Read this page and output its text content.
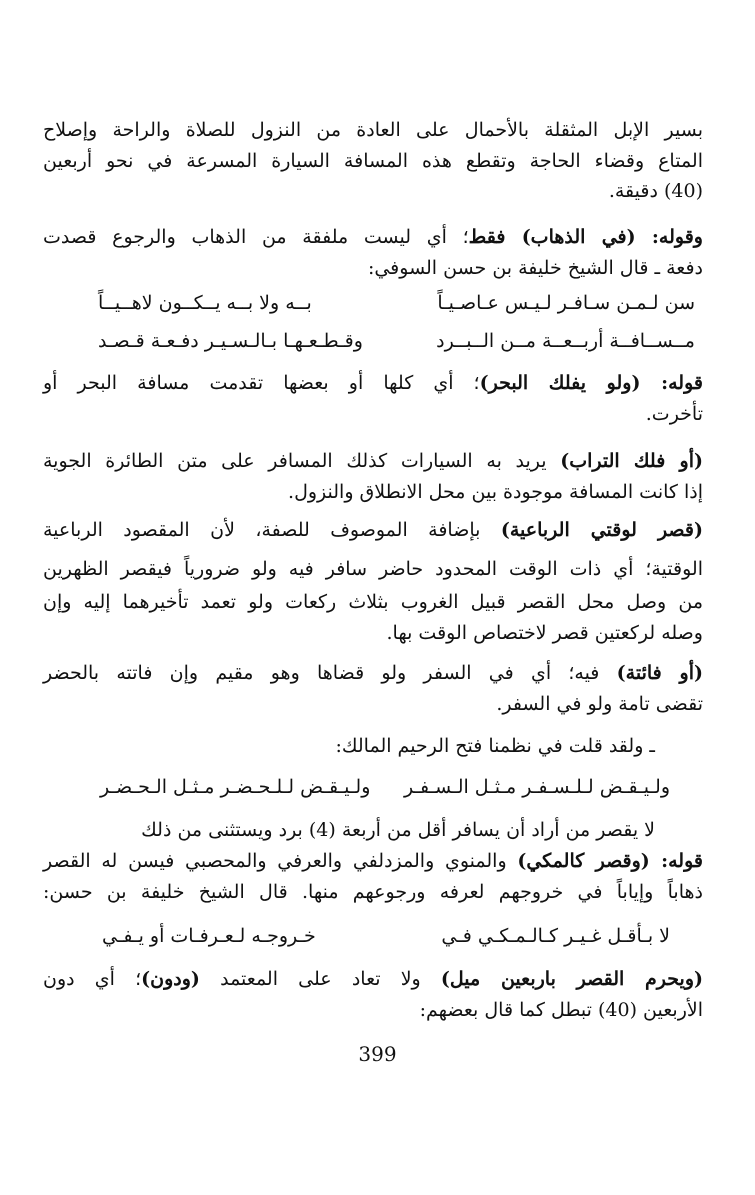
بسير الإبل المثقلة بالأحمال على العادة من النزول للصلاة والراحة وإصلاح
المتاع وقضاء الحاجة وتقطع هذه المسافة السيارة المسرعة في نحو أربعين
(40) دقيقة.
وقوله: (في الذهاب) فقط؛ أي ليست ملفقة من الذهاب والرجوع قصدت
دفعة ـ قال الشيخ خليفة بن حسن السوفي:
سن لـمـن سـافـر لـيـس عـاصـيـاً
بــه ولا بــه يــكــون لاهــيــاً
مــســافــة أربــعــة مــن الــبــرد
وقـطـعـهـا بـالـسـيـر دفـعـة قـصـد
قوله: (ولو يفلك البحر)؛ أي كلها أو بعضها تقدمت مسافة البحر أو
تأخرت.
(أو فلك التراب) يريد به السيارات كذلك المسافر على متن الطائرة الجوية
إذا كانت المسافة موجودة بين محل الانطلاق والنزول.
(قصر لوقتي الرباعية) بإضافة الموصوف للصفة، لأن المقصود الرباعية
الوقتية؛ أي ذات الوقت المحدود حاضر سافر فيه ولو ضرورياً فيقصر الظهرين
من وصل محل القصر قبيل الغروب بثلاث ركعات ولو تعمد تأخيرهما إليه وإن
وصله لركعتين قصر لاختصاص الوقت بها.
(أو فائتة) فيه؛ أي في السفر ولو قضاها وهو مقيم وإن فاتته بالحضر
تقضى تامة ولو في السفر.
ـ ولقد قلت في نظمنا فتح الرحيم المالك:
ولـيـقـض لـلـسـفـر مـثـل الـسـفـر
ولـيـقـض لـلـحـضـر مـثـل الـحـضـر
لا يقصر من أراد أن يسافر أقل من أربعة (4) برد ويستثنى من ذلك
قوله: (وقصر كالمكي) والمنوي والمزدلفي والعرفي والمحصبي فيسن له القصر
ذهاباً وإياباً في خروجهم لعرفه ورجوعهم منها. قال الشيخ خليفة بن حسن:
لا بـأقـل غـيـر كـالـمـكـي فـي
خـروجـه لـعـرفـات أو يـفـي
(ويحرم القصر باربعين ميل) ولا تعاد على المعتمد (ودون)؛ أي دون
الأربعين (40) تبطل كما قال بعضهم:
399
